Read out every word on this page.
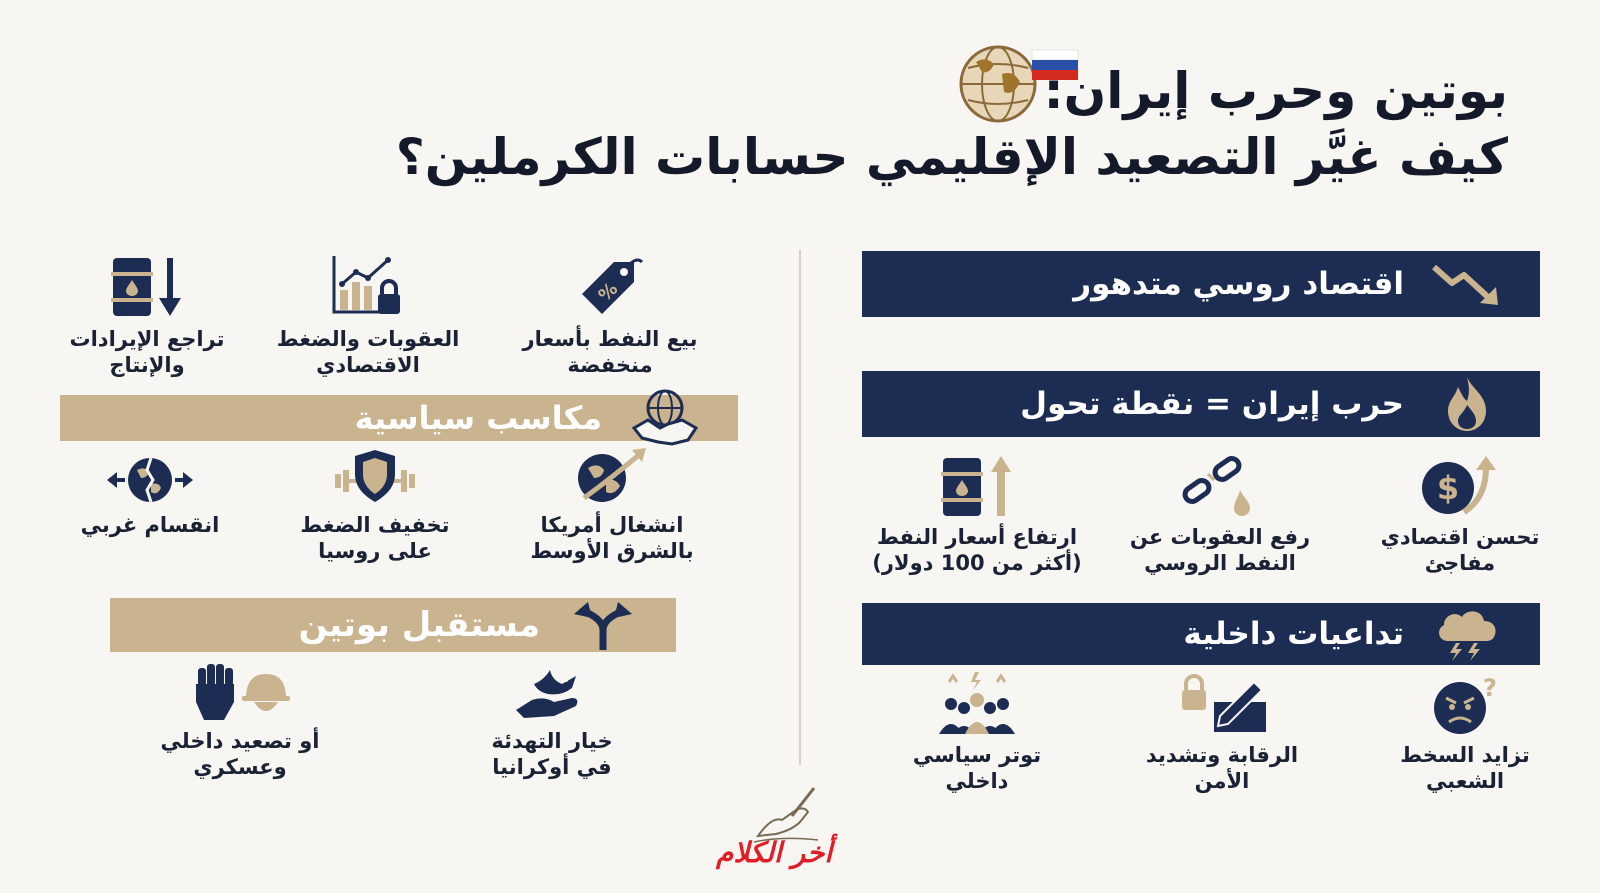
بوتين وحرب إيران:
كيف غيَّر التصعيد الإقليمي حسابات الكرملين؟
اقتصاد روسي متدهور
حرب إيران = نقطة تحول
$
تحسن اقتصادي
مفاجئ
رفع العقوبات عن
النفط الروسي
ارتفاع أسعار النفط
(أكثر من 100 دولار)
تداعيات داخلية
?
تزايد السخط
الشعبي
الرقابة وتشديد
الأمن
توتر سياسي
داخلي
%
بيع النفط بأسعار
منخفضة
العقوبات والضغط
الاقتصادي
تراجع الإيرادات
والإنتاج
مكاسب سياسية
انشغال أمريكا
بالشرق الأوسط
تخفيف الضغط
على روسيا
انقسام غربي
مستقبل بوتين
خيار التهدئة
في أوكرانيا
أو تصعيد داخلي
وعسكري
أخر الكلام
